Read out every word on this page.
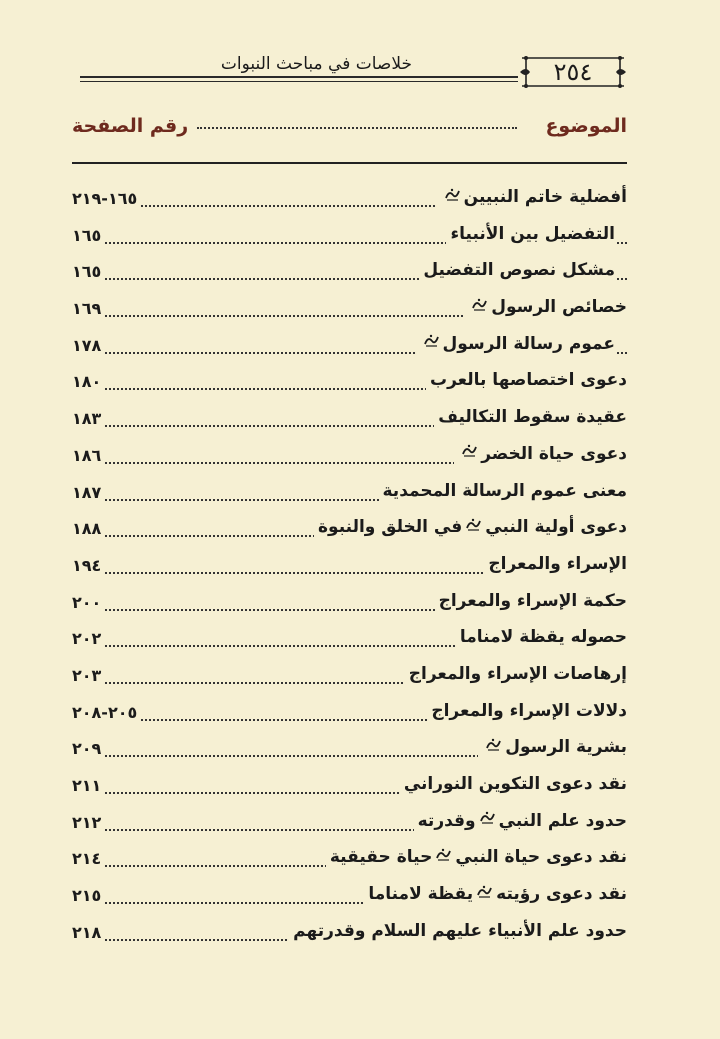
خلاصات في مباحث النبوات	٢٥٤
الموضوع
رقم الصفحة
أفضلية خاتم النبيين
١٦٥-٢١٩
التفضيل بين الأنبياء
١٦٥
مشكل نصوص التفضيل
١٦٥
خصائص الرسول
١٦٩
عموم رسالة الرسول
١٧٨
دعوى اختصاصها بالعرب
١٨٠
عقيدة سقوط التكاليف
١٨٣
دعوى حياة الخضر
١٨٦
معنى عموم الرسالة المحمدية
١٨٧
دعوى أولية النبيفي الخلق والنبوة
١٨٨
الإسراء والمعراج
١٩٤
حكمة الإسراء والمعراج
٢٠٠
حصوله يقظة لامناما
٢٠٢
إرهاصات الإسراء والمعراج
٢٠٣
دلالات الإسراء والمعراج
٢٠٥-٢٠٨
بشرية الرسول
٢٠٩
نقد دعوى التكوين النوراني
٢١١
حدود علم النبيوقدرته
٢١٢
نقد دعوى حياة النبيحياة حقيقية
٢١٤
نقد دعوى رؤيتهيقظة لامناما
٢١٥
حدود علم الأنبياء عليهم السلام وقدرتهم
٢١٨
